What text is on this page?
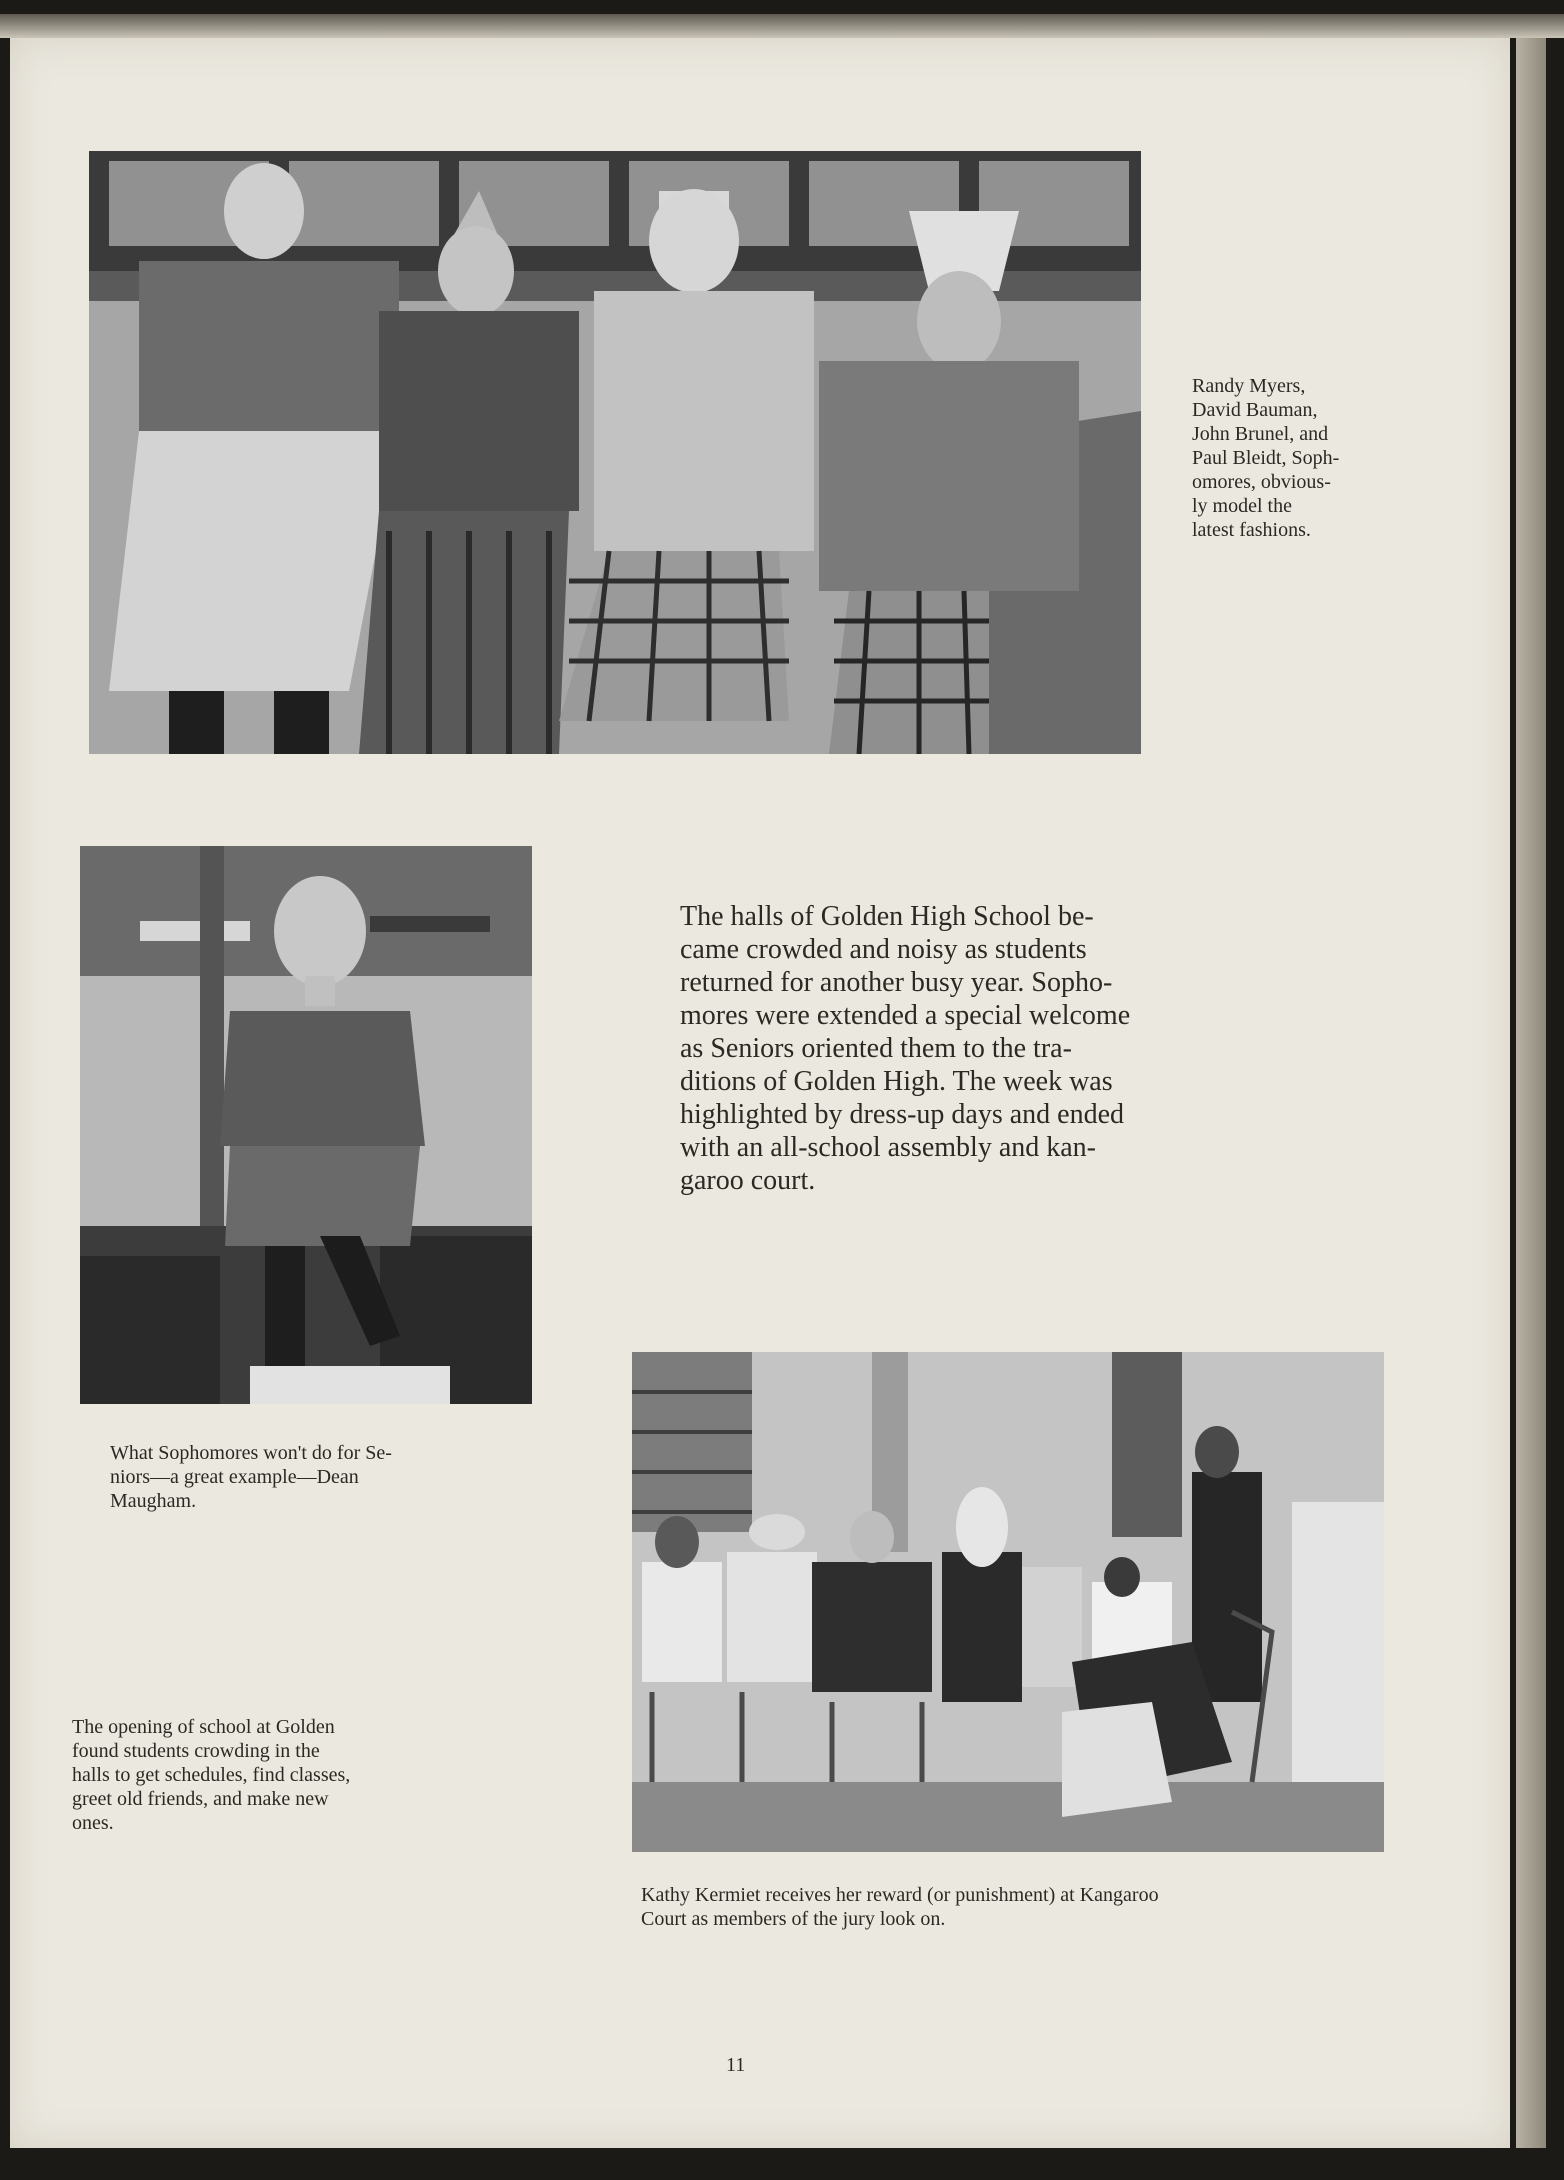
Randy Myers,
David Bauman,
John Brunel, and
Paul Bleidt, Soph-
omores, obvious-
ly model the
latest fashions.

What Sophomores won't do for Se-
niors—a great example—Dean
Maugham.

The halls of Golden High School be-
came crowded and noisy as students
returned for another busy year. Sopho-
mores were extended a special welcome
as Seniors oriented them to the tra-
ditions of Golden High. The week was
highlighted by dress-up days and ended
with an all-school assembly and kan-
garoo court.

The opening of school at Golden
found students crowding in the
halls to get schedules, find classes,
greet old friends, and make new
ones.

Kathy Kermiet receives her reward (or punishment) at Kangaroo
Court as members of the jury look on.

11
